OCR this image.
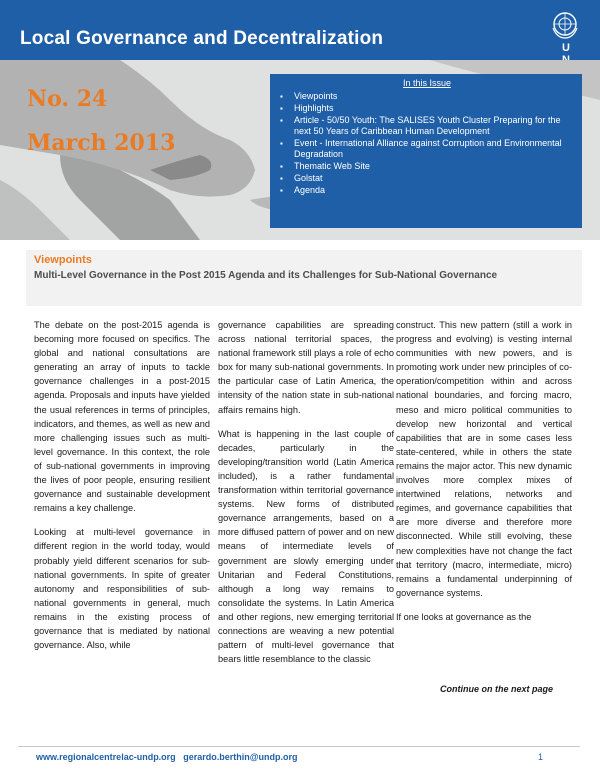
Local Governance and Decentralization	U
No. 24
March 2013
In this Issue
▪ Viewpoints
▪ Highlights
▪ Article - 50/50 Youth: The SALISES Youth Cluster Preparing for the next 50 Years of Caribbean Human Development
▪ Event - International Alliance against Corruption and Environmental Degradation
▪ Thematic Web Site
▪ Golstat
▪ Agenda
Viewpoints
Multi-Level Governance in the Post 2015 Agenda and its Challenges for Sub-National Governance

The debate on the post-2015 agenda is becoming more focused on specifics. The global and national consultations are generating an array of inputs to tackle governance challenges in a post-2015 agenda. Proposals and inputs have yielded the usual references in terms of principles, indicators, and themes, as well as new and more challenging issues such as multi-level governance. In this context, the role of sub-national governments in improving the lives of poor people, ensuring resilient governance and sustainable development remains a key challenge.

Looking at multi-level governance in different region in the world today, would probably yield different scenarios for sub-national governments. In spite of greater autonomy and responsibilities of sub-national governments in general, much remains in the existing process of governance that is mediated by national governance. Also, while

governance capabilities are spreading across national territorial spaces, the national framework still plays a role of echo box for many sub-national governments. In the particular case of Latin America, the intensity of the nation state in sub-national affairs remains high.

What is happening in the last couple of decades, particularly in the developing/transition world (Latin America included), is a rather fundamental transformation within territorial governance systems. New forms of distributed governance arrangements, based on a more diffused pattern of power and on new means of intermediate levels of government are slowly emerging under Unitarian and Federal Constitutions, although a long way remains to consolidate the systems. In Latin America and other regions, new emerging territorial connections are weaving a new potential pattern of multi-level governance that bears little resemblance to the classic

construct. This new pattern (still a work in progress and evolving) is vesting internal communities with new powers, and is promoting work under new principles of co-operation/competition within and across national boundaries, and forcing macro, meso and micro political communities to develop new horizontal and vertical capabilities that are in some cases less state-centered, while in others the state remains the major actor. This new dynamic involves more complex mixes of intertwined relations, networks and regimes, and governance capabilities that are more diverse and therefore more disconnected. While still evolving, these new complexities have not change the fact that territory (macro, intermediate, micro) remains a fundamental underpinning of governance systems.

If one looks at governance as the

Continue on the next page
www.regionalcentrelac-undp.org gerardo.berthin@undp.org	1
